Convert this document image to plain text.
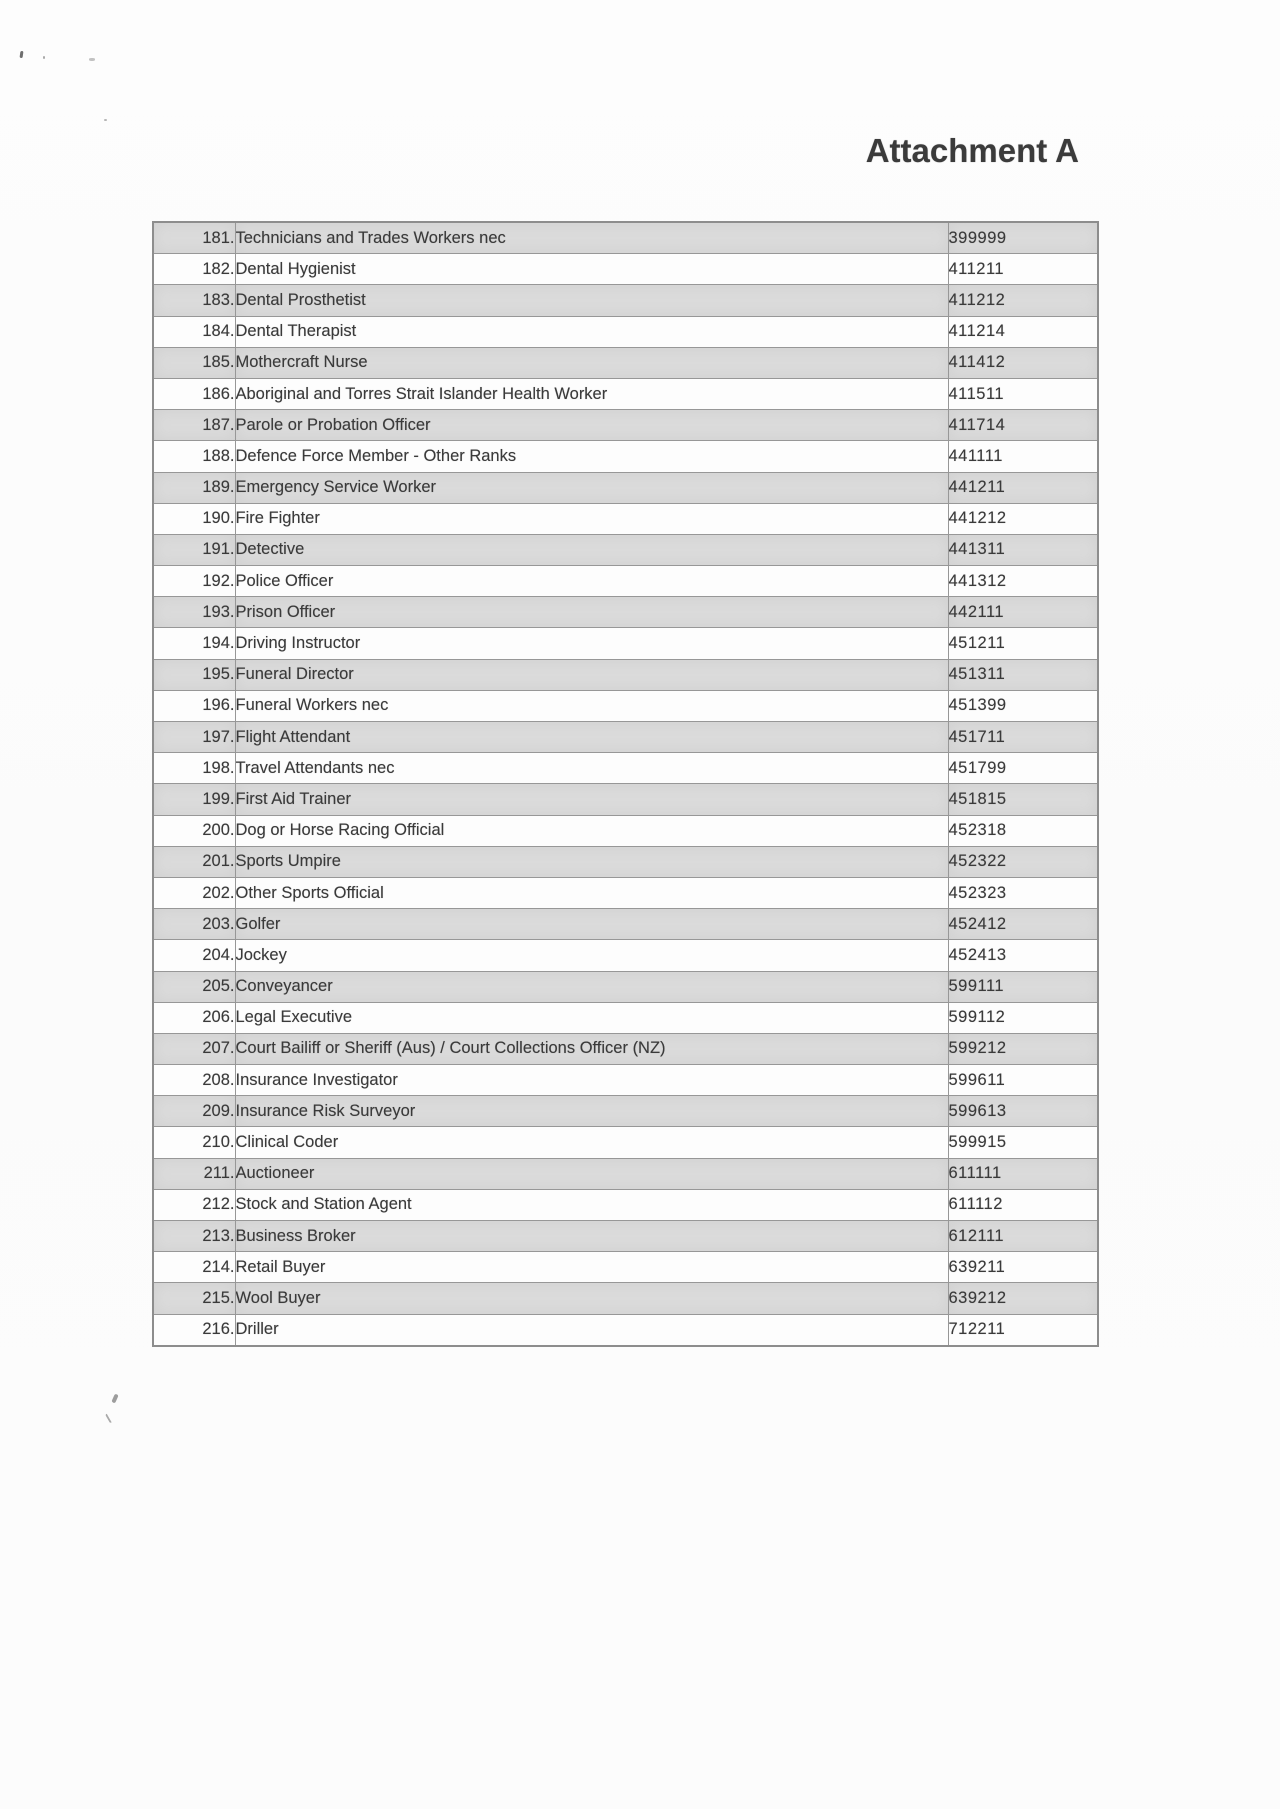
Attachment A
181.	Technicians and Trades Workers nec	399999
182.	Dental Hygienist	411211
183.	Dental Prosthetist	411212
184.	Dental Therapist	411214
185.	Mothercraft Nurse	411412
186.	Aboriginal and Torres Strait Islander Health Worker	411511
187.	Parole or Probation Officer	411714
188.	Defence Force Member - Other Ranks	441111
189.	Emergency Service Worker	441211
190.	Fire Fighter	441212
191.	Detective	441311
192.	Police Officer	441312
193.	Prison Officer	442111
194.	Driving Instructor	451211
195.	Funeral Director	451311
196.	Funeral Workers nec	451399
197.	Flight Attendant	451711
198.	Travel Attendants nec	451799
199.	First Aid Trainer	451815
200.	Dog or Horse Racing Official	452318
201.	Sports Umpire	452322
202.	Other Sports Official	452323
203.	Golfer	452412
204.	Jockey	452413
205.	Conveyancer	599111
206.	Legal Executive	599112
207.	Court Bailiff or Sheriff (Aus) / Court Collections Officer (NZ)	599212
208.	Insurance Investigator	599611
209.	Insurance Risk Surveyor	599613
210.	Clinical Coder	599915
211.	Auctioneer	611111
212.	Stock and Station Agent	611112
213.	Business Broker	612111
214.	Retail Buyer	639211
215.	Wool Buyer	639212
216.	Driller	712211
